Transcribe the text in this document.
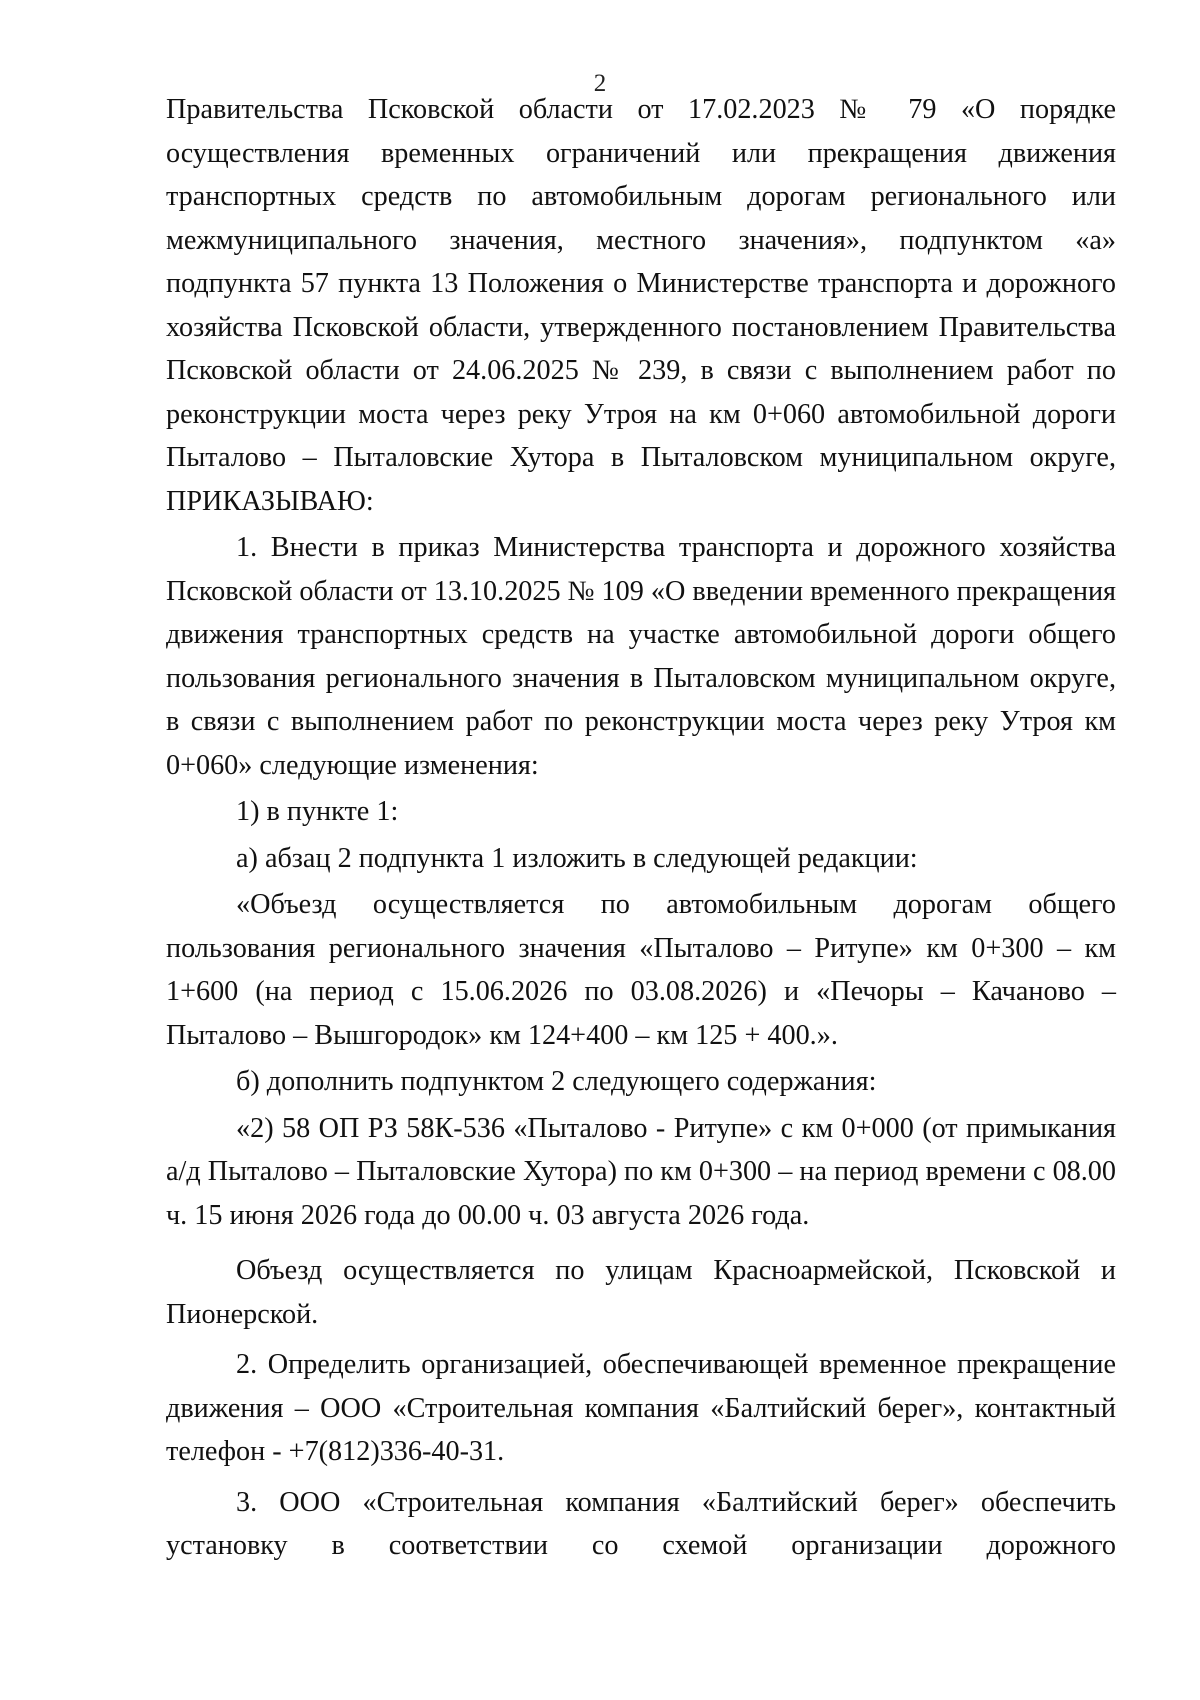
2

Правительства Псковской области от 17.02.2023 № 79 «О порядке осуществления временных ограничений или прекращения движения транспортных средств по автомобильным дорогам регионального или межмуниципального значения, местного значения», подпунктом «а» подпункта 57 пункта 13 Положения о Министерстве транспорта и дорожного хозяйства Псковской области, утвержденного постановлением Правительства Псковской области от 24.06.2025 № 239, в связи с выполнением работ по реконструкции моста через реку Утроя на км 0+060 автомобильной дороги Пыталово – Пыталовские Хутора в Пыталовском муниципальном округе, ПРИКАЗЫВАЮ:

1. Внести в приказ Министерства транспорта и дорожного хозяйства Псковской области от 13.10.2025 № 109 «О введении временного прекращения движения транспортных средств на участке автомобильной дороги общего пользования регионального значения в Пыталовском муниципальном округе, в связи с выполнением работ по реконструкции моста через реку Утроя км 0+060» следующие изменения:

1) в пункте 1:

а) абзац 2 подпункта 1 изложить в следующей редакции:

«Объезд осуществляется по автомобильным дорогам общего пользования регионального значения «Пыталово – Ритупе» км 0+300 – км 1+600 (на период с 15.06.2026 по 03.08.2026) и «Печоры – Качаново – Пыталово – Вышгородок» км 124+400 – км 125 + 400.».

б) дополнить подпунктом 2 следующего содержания:

«2) 58 ОП РЗ 58К-536 «Пыталово - Ритупе» с км 0+000 (от примыкания а/д Пыталово – Пыталовские Хутора) по км 0+300 – на период времени с 08.00 ч. 15 июня 2026 года до 00.00 ч. 03 августа 2026 года.

Объезд осуществляется по улицам Красноармейской, Псковской и Пионерской.

2. Определить организацией, обеспечивающей временное прекращение движения – ООО «Строительная компания «Балтийский берег», контактный телефон - +7(812)336-40-31.

3. ООО «Строительная компания «Балтийский берег» обеспечить установку в соответствии со схемой организации дорожного
